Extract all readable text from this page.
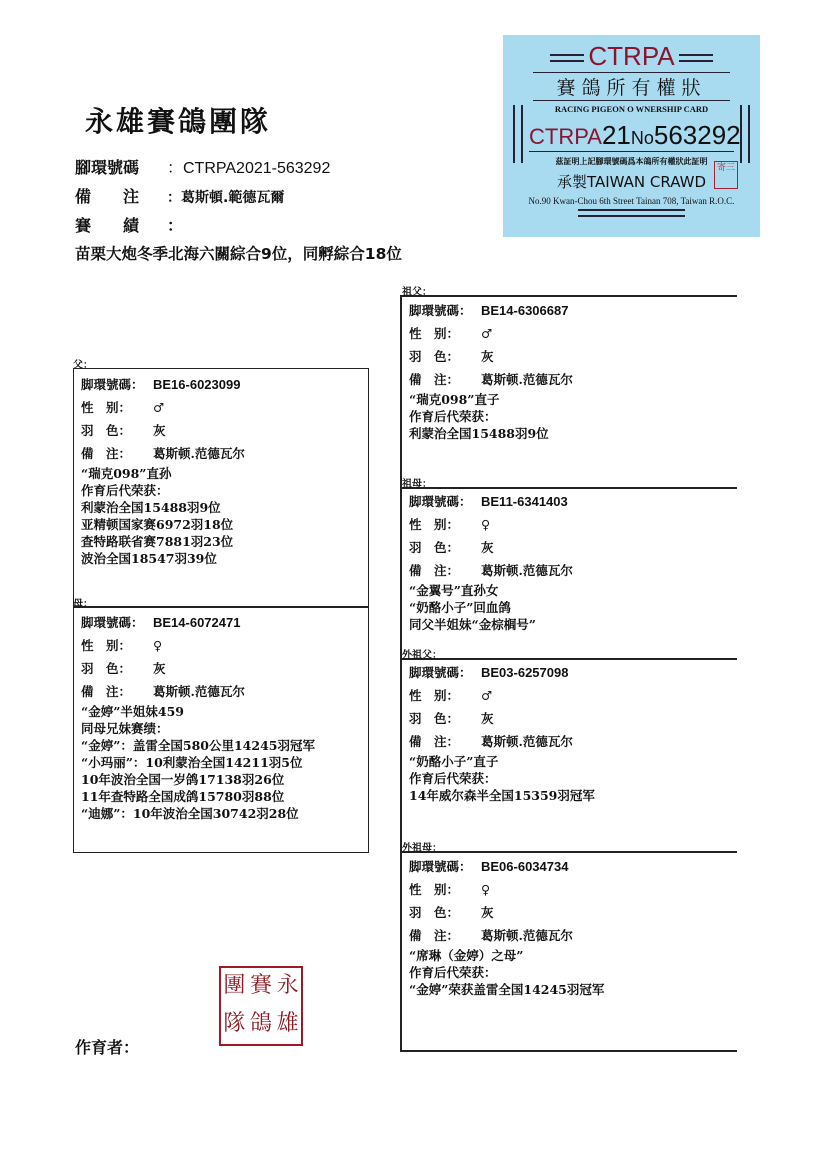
永雄賽鴿團隊
腳環號碼 ：CTRPA2021-563292
備　　注 ：葛斯頓.範德瓦爾
賽　　績 ：
苗栗大炮冬季北海六關綜合9位，同孵綜合18位
CTRPA
賽鴿所有權狀
RACING PIGEON O WNERSHIP CARD
CTRPA21No563292
茲証明上記腳環號碼爲本鴿所有權狀此証明
承製TAIWAN CRAWD
No.90 Kwan-Chou 6th Street Tainan 708, Taiwan R.O.C.
寄三
父：
脚環號碼： BE16-6023099
性　别： ♂
羽　色： 灰
備　注： 葛斯顿.范德瓦尔
“瑞克098”直孙
作育后代荣获：
利蒙治全国15488羽9位
亚精顿国家赛6972羽18位
查特路联省赛7881羽23位
波治全国18547羽39位
母：
脚環號碼： BE14-6072471
性　别： ♀
羽　色： 灰
備　注： 葛斯顿.范德瓦尔
“金婷”半姐妹459
同母兄妹赛绩：
“金婷”：盖雷全国580公里14245羽冠军
“小玛丽”：10利蒙治全国14211羽5位
10年波治全国一岁鸽17138羽26位
11年查特路全国成鸽15780羽88位
“迪娜”：10年波治全国30742羽28位
祖父：
脚環號碼： BE14-6306687
性　别： ♂
羽　色： 灰
備　注： 葛斯顿.范德瓦尔
“瑞克098”直子
作育后代荣获：
利蒙治全国15488羽9位
祖母：
脚環號碼： BE11-6341403
性　别： ♀
羽　色： 灰
備　注： 葛斯顿.范德瓦尔
“金翼号”直孙女
“奶酪小子”回血鸽
同父半姐妹“金棕榈号”
外祖父：
脚環號碼： BE03-6257098
性　别： ♂
羽　色： 灰
備　注： 葛斯顿.范德瓦尔
“奶酪小子”直子
作育后代荣获：
14年威尔森半全国15359羽冠军
外祖母：
脚環號碼： BE06-6034734
性　别： ♀
羽　色： 灰
備　注： 葛斯顿.范德瓦尔
“席琳（金婷）之母”
作育后代荣获：
“金婷”荣获盖雷全国14245羽冠军
團 賽 永
隊 鴿 雄
作育者：
